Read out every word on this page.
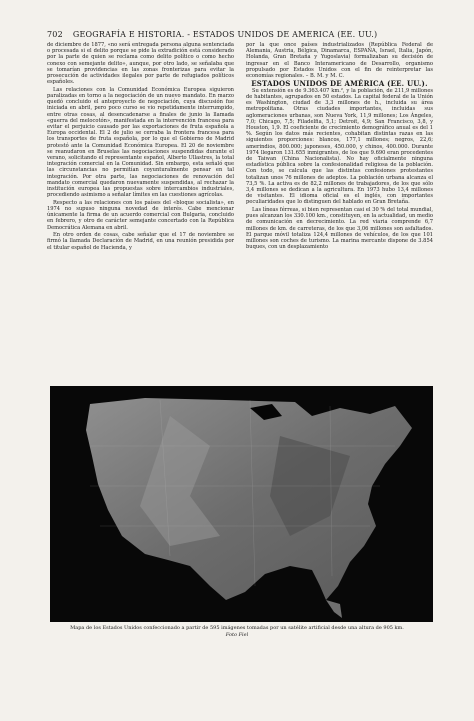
702 GEOGRAFÍA E HISTORIA. - ESTADOS UNIDOS DE AMERICA (EE. UU.)

de diciembre de 1877, «no será entregada persona alguna sentenciada o procesada si el delito porque se pide la extradición está considerado por la parte de quien se reclama como delito político o como hecho conexo con semejante delito», aunque, por otro lado, se señalaba que se tomarían providencias en las zonas fronterizas para evitar la prosecución de actividades ilegales por parte de refugiados políticos españoles.

Las relaciones con la Comunidad Económica Europea siguieron paralizadas en torno a la negociación de un nuevo mandato. En marzo quedó concluido el anteproyecto de negociación, cuya discusión fue iniciada en abril, pero poco curso se vio repetidamente interrumpido, entre otras cosas, al desencadenarse a finales de junio la llamada «guerra del melocotón», manifestada en la intervención francesa para evitar el perjuicio causado por las exportaciones de fruta española a Europa occidental. El 2 de julio se cerraba la frontera francesa para los transportes de fruta española, por lo que el Gobierno de Madrid protestó ante la Comunidad Económica Europea. El 20 de noviembre se reanudaron en Bruselas las negociaciones suspendidas durante el verano, solicitando el representante español, Alberto Ullastres, la total integración comercial en la Comunidad. Sin embargo, esta señaló que las circunstancias no permitían coyunturalmente pensar en tal integración. Por otra parte, las negociaciones de renovación del mandato comercial quedaron nuevamente suspendidas, al rechazar la institución europea las propuestas sobre intercambios industriales, procediendo asimismo a señalar límites en las cuestiones agrícolas.

Respecto a las relaciones con los países del «bloque socialista», en 1974 no supuso ninguna novedad de interés. Cabe mencionar únicamente la firma de un acuerdo comercial con Bulgaria, concluido en febrero, y otro de carácter semejante concertado con la República Democrática Alemana en abril.

En otro orden de cosas, cabe señalar que el 17 de noviembre se firmó la llamada Declaración de Madrid, en una reunión presidida por el titular español de Hacienda, y

por la que once países industrializados (República Federal de Alemania, Austria, Bélgica, Dinamarca, ESPAÑA, Israel, Italia, Japón, Holanda, Gran Bretaña y Yugoslavia) formalizaban su decisión de ingresar en el Banco Interamericano de Desarrollo, organismo propulsado por Estados Unidos con el fin de reinterpretar las economías regionales. – B. M. y M. C.

ESTADOS UNIDOS DE AMÉRICA (EE. UU.).

Su extensión es de 9.363.407 km.², y la población, de 211,9 millones de habitantes, agrupados en 50 estados. La capital federal de la Unión es Washington, ciudad de 3,3 millones de h., incluida su área metropolitana. Otras ciudades importantes, incluidas sus aglomeraciones urbanas, son Nueva York, 11,9 millones; Los Ángeles, 7,0; Chicago, 7,5; Filadelfia, 5,1; Detroit, 4,9; San Francisco, 3,8, y Houston, 1,9. El coeficiente de crecimiento demográfico anual es del 1 %. Según los datos más recientes, cohabitan distintas razas en las siguientes proporciones: blancos, 177,1 millones; negros, 22,6; amerindios, 800.000; japoneses, 450.000, y chinos, 400.000. Durante 1974 llegaron 131.655 inmigrantes, de los que 9.690 eran procedentes de Taiwan (China Nacionalista). No hay oficialmente ninguna estadística pública sobre la confesionalidad religiosa de la población. Con todo, se calcula que las distintas confesiones protestantes totalizan unos 76 millones de adeptos. La población urbana alcanza el 73,5 %. La activa es de 82,2 millones de trabajadores, de los que sólo 3,4 millones se dedican a la agricultura. En 1973 hubo 13,4 millones de visitantes. El idioma oficial es el inglés, con importantes peculiaridades que lo distinguen del hablado en Gran Bretaña.

Las líneas férreas, si bien representan casi el 30 % del total mundial, pues alcanzan los 330.100 km., constituyen, en la actualidad, un medio de comunicación en decrecimiento. La red viaria comprende 6,7 millones de km. de carreteras, de los que 3,06 millones son asfaltados. El parque móvil totaliza 124,4 millones de vehículos, de los que 101 millones son coches de turismo. La marina mercante dispone de 3.854 buques, con un desplazamiento

Mapa de los Estados Unidos confeccionado a partir de 595 imágenes tomadas por un satélite artificial desde una altura de 905 km.
Foto Fiel
